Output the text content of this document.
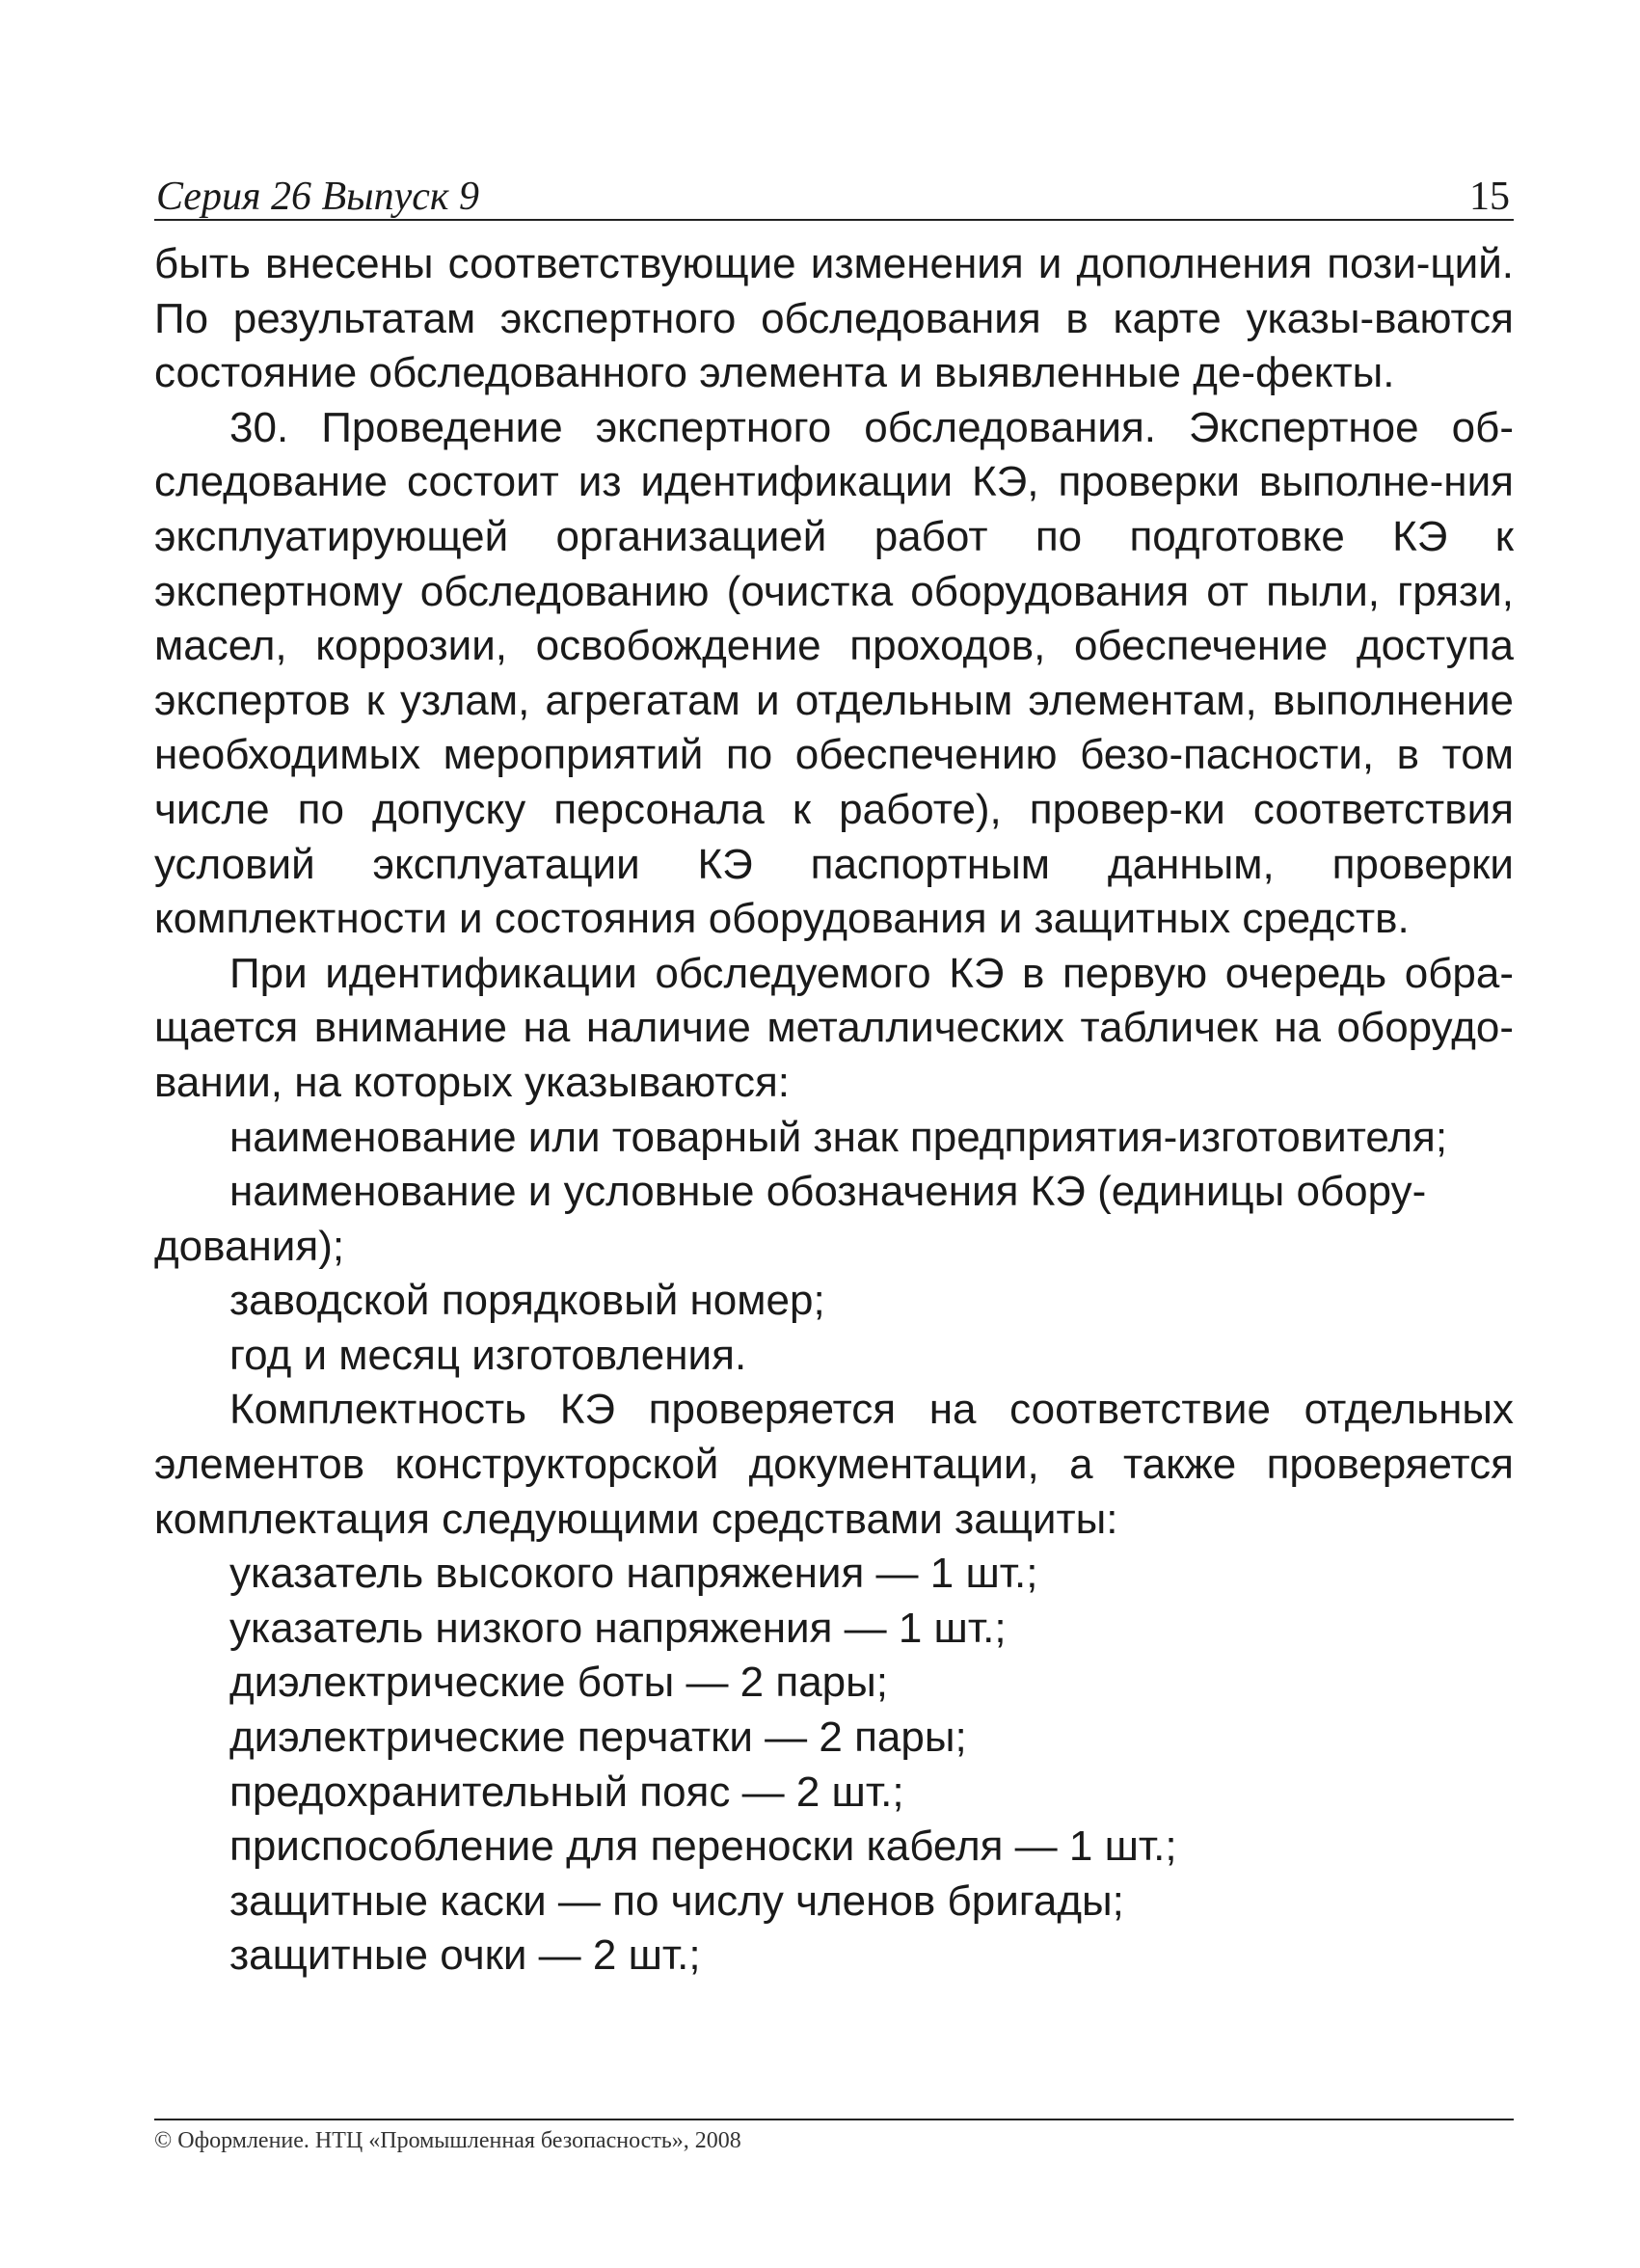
Серия 26 Выпуск 9	15

быть внесены соответствующие изменения и дополнения пози-ций. По результатам экспертного обследования в карте указы-ваются состояние обследованного элемента и выявленные де-фекты.

30. Проведение экспертного обследования. Экспертное об-следование состоит из идентификации КЭ, проверки выполне-ния эксплуатирующей организацией работ по подготовке КЭ к экспертному обследованию (очистка оборудования от пыли, грязи, масел, коррозии, освобождение проходов, обеспечение доступа экспертов к узлам, агрегатам и отдельным элементам, выполнение необходимых мероприятий по обеспечению безо-пасности, в том числе по допуску персонала к работе), провер-ки соответствия условий эксплуатации КЭ паспортным данным, проверки комплектности и состояния оборудования и защитных средств.

При идентификации обследуемого КЭ в первую очередь обра-щается внимание на наличие металлических табличек на оборудо-вании, на которых указываются:

наименование или товарный знак предприятия-изготовителя;

наименование и условные обозначения КЭ (единицы обору-дования);

заводской порядковый номер;

год и месяц изготовления.

Комплектность КЭ проверяется на соответствие отдельных элементов конструкторской документации, а также проверяется комплектация следующими средствами защиты:

указатель высокого напряжения — 1 шт.;

указатель низкого напряжения — 1 шт.;

диэлектрические боты — 2 пары;

диэлектрические перчатки — 2 пары;

предохранительный пояс — 2 шт.;

приспособление для переноски кабеля — 1 шт.;

защитные каски — по числу членов бригады;

защитные очки — 2 шт.;

© Оформление. НТЦ «Промышленная безопасность», 2008
